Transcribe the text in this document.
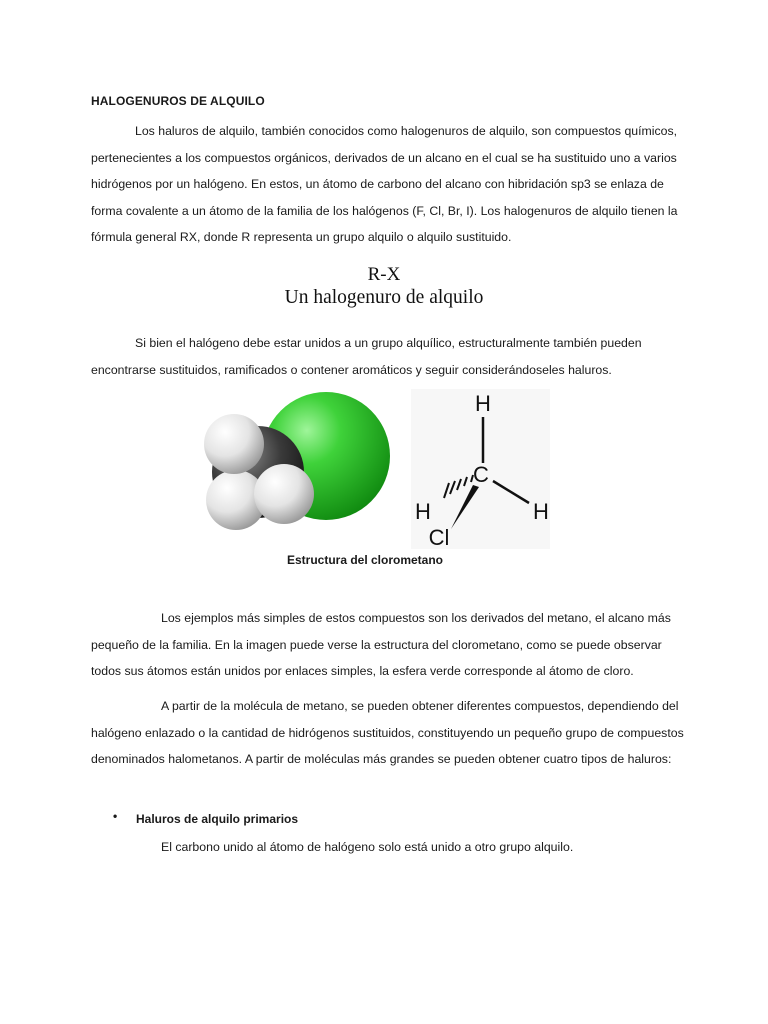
HALOGENUROS DE ALQUILO

Los haluros de alquilo, también conocidos como halogenuros de alquilo, son compuestos químicos, pertenecientes a los compuestos orgánicos, derivados de un alcano en el cual se ha sustituido uno a varios hidrógenos por un halógeno. En estos, un átomo de carbono del alcano con hibridación sp3 se enlaza de forma covalente a un átomo de la familia de los halógenos (F, Cl, Br, I). Los halogenuros de alquilo tienen la fórmula general RX, donde R representa un grupo alquilo o alquilo sustituido.

R-X
Un halogenuro de alquilo

Si bien el halógeno debe estar unidos a un grupo alquílico, estructuralmente también pueden encontrarse sustituidos, ramificados o contener aromáticos y seguir considerándoseles haluros.

H
C
H	H
Cl
Estructura del clorometano

Los ejemplos más simples de estos compuestos son los derivados del metano, el alcano más pequeño de la familia. En la imagen puede verse la estructura del clorometano, como se puede observar todos sus átomos están unidos por enlaces simples, la esfera verde corresponde al átomo de cloro.

A partir de la molécula de metano, se pueden obtener diferentes compuestos, dependiendo del halógeno enlazado o la cantidad de hidrógenos sustituidos, constituyendo un pequeño grupo de compuestos denominados halometanos. A partir de moléculas más grandes se pueden obtener cuatro tipos de haluros:

• Haluros de alquilo primarios
El carbono unido al átomo de halógeno solo está unido a otro grupo alquilo.
